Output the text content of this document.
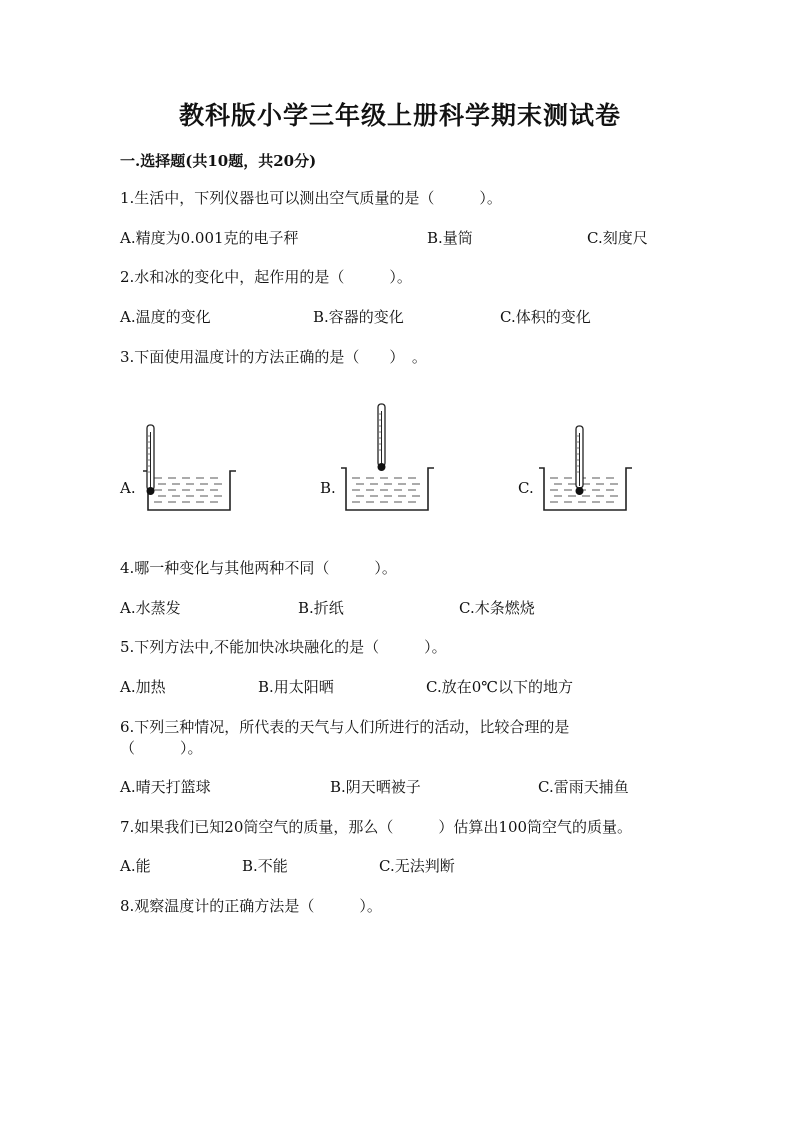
教科版小学三年级上册科学期末测试卷
一.选择题(共10题，共20分)
1.生活中，下列仪器也可以测出空气质量的是（　　　）。
A.精度为0.001克的电子秤	B.量筒	C.刻度尺
2.水和冰的变化中，起作用的是（　　　）。
A.温度的变化	B.容器的变化	C.体积的变化
3.下面使用温度计的方法正确的是（　　）　。
A.	B.	C.
4.哪一种变化与其他两种不同（　　　）。
A.水蒸发	B.折纸	C.木条燃烧
5.下列方法中,不能加快冰块融化的是（　　　）。
A.加热	B.用太阳晒	C.放在0℃以下的地方
6.下列三种情况，所代表的天气与人们所进行的活动，比较合理的是
（　　　）。
A.晴天打篮球	B.阴天晒被子	C.雷雨天捕鱼
7.如果我们已知20筒空气的质量，那么（　　　）估算出100筒空气的质量。
A.能	B.不能	C.无法判断
8.观察温度计的正确方法是（　　　）。
